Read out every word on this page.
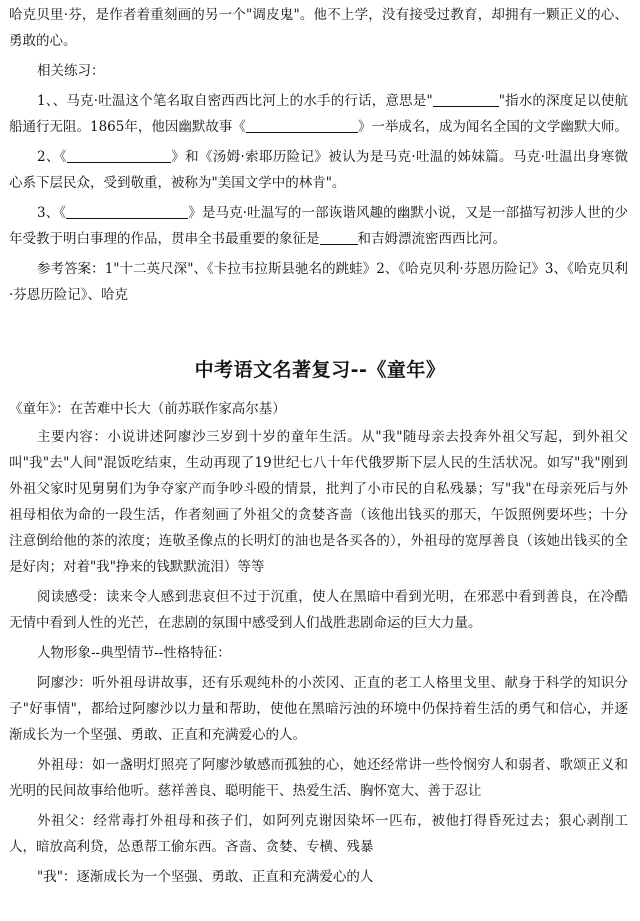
哈克贝里·芬，是作者着重刻画的另一个"调皮鬼"。他不上学，没有接受过教育，却拥有一颗正义的心、勇敢的心。

相关练习：

1、、马克·吐温这个笔名取自密西西比河上的水手的行话，意思是"	"指水的深度足以使航船通行无阻。1865年，他因幽默故事《	》一举成名，成为闻名全国的文学幽默大师。

2、《	》和《汤姆·索耶历险记》被认为是马克·吐温的姊妹篇。马克·吐温出身寒微心系下层民众，受到敬重，被称为"美国文学中的林肯"。

3、《	》是马克·吐温写的一部诙谐风趣的幽默小说，又是一部描写初涉人世的少年受教于明白事理的作品，贯串全书最重要的象征是	和吉姆漂流密西西比河。

参考答案：1"十二英尺深"、《卡拉韦拉斯县驰名的跳蛙》2、《哈克贝利·芬恩历险记》3、《哈克贝利·芬恩历险记》、哈克

中考语文名著复习--《童年》

《童年》：在苦难中长大（前苏联作家高尔基）

主要内容：小说讲述阿廖沙三岁到十岁的童年生活。从"我"随母亲去投奔外祖父写起，到外祖父叫"我"去"人间"混饭吃结束，生动再现了19世纪七八十年代俄罗斯下层人民的生活状况。如写"我"刚到外祖父家时见舅舅们为争夺家产而争吵斗殴的情景，批判了小市民的自私残暴；写"我"在母亲死后与外祖母相依为命的一段生活，作者刻画了外祖父的贪婪吝啬（该他出钱买的那天，午饭照例要坏些；十分注意倒给他的茶的浓度；连敬圣像点的长明灯的油也是各买各的），外祖母的宽厚善良（该她出钱买的全是好肉；对着"我"挣来的钱默默流泪）等等

阅读感受：读来令人感到悲哀但不过于沉重，使人在黑暗中看到光明，在邪恶中看到善良，在冷酷无情中看到人性的光芒，在悲剧的氛围中感受到人们战胜悲剧命运的巨大力量。

人物形象--典型情节--性格特征：

阿廖沙：听外祖母讲故事，还有乐观纯朴的小茨冈、正直的老工人格里戈里、献身于科学的知识分子"好事情"，都给过阿廖沙以力量和帮助，使他在黑暗污浊的环境中仍保持着生活的勇气和信心，并逐渐成长为一个坚强、勇敢、正直和充满爱心的人。

外祖母：如一盏明灯照亮了阿廖沙敏感而孤独的心，她还经常讲一些怜悯穷人和弱者、歌颂正义和光明的民间故事给他听。慈祥善良、聪明能干、热爱生活、胸怀宽大、善于忍让

外祖父：经常毒打外祖母和孩子们，如阿列克谢因染坏一匹布，被他打得昏死过去；狠心剥削工人，暗放高利贷，怂恿帮工偷东西。吝啬、贪婪、专横、残暴

"我"：逐渐成长为一个坚强、勇敢、正直和充满爱心的人
